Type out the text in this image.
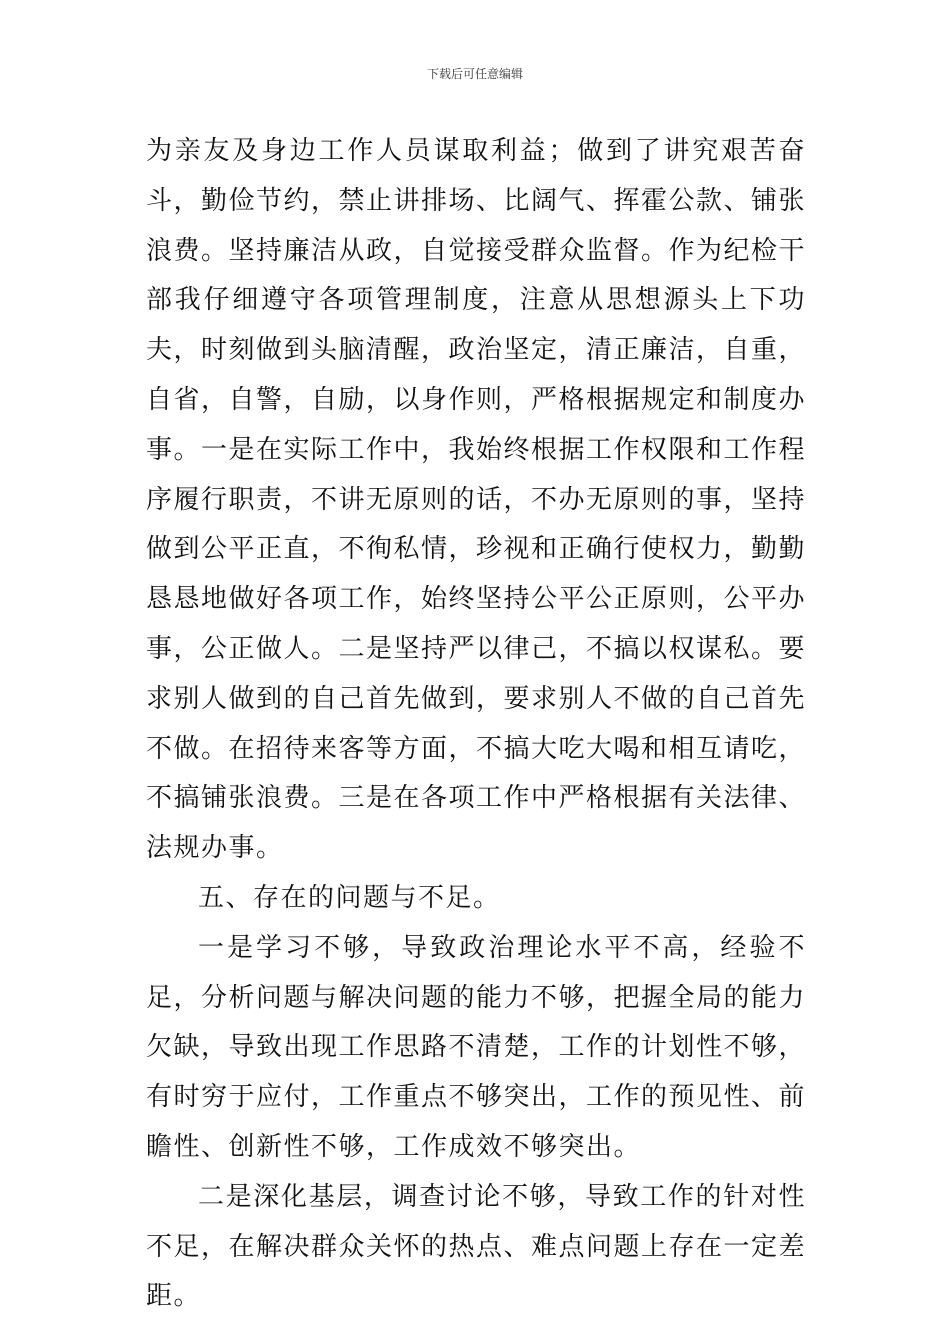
下载后可任意编辑

为亲友及身边工作人员谋取利益；做到了讲究艰苦奋斗，勤俭节约，禁止讲排场、比阔气、挥霍公款、铺张浪费。坚持廉洁从政，自觉接受群众监督。作为纪检干部我仔细遵守各项管理制度，注意从思想源头上下功夫，时刻做到头脑清醒，政治坚定，清正廉洁，自重，自省，自警，自励，以身作则，严格根据规定和制度办事。一是在实际工作中，我始终根据工作权限和工作程序履行职责，不讲无原则的话，不办无原则的事，坚持做到公平正直，不徇私情，珍视和正确行使权力，勤勤恳恳地做好各项工作，始终坚持公平公正原则，公平办事，公正做人。二是坚持严以律己，不搞以权谋私。要求别人做到的自己首先做到，要求别人不做的自己首先不做。在招待来客等方面，不搞大吃大喝和相互请吃，不搞铺张浪费。三是在各项工作中严格根据有关法律、法规办事。

五、存在的问题与不足。

一是学习不够，导致政治理论水平不高，经验不足，分析问题与解决问题的能力不够，把握全局的能力欠缺，导致出现工作思路不清楚，工作的计划性不够，有时穷于应付，工作重点不够突出，工作的预见性、前瞻性、创新性不够，工作成效不够突出。

二是深化基层，调查讨论不够，导致工作的针对性不足，在解决群众关怀的热点、难点问题上存在一定差距。
